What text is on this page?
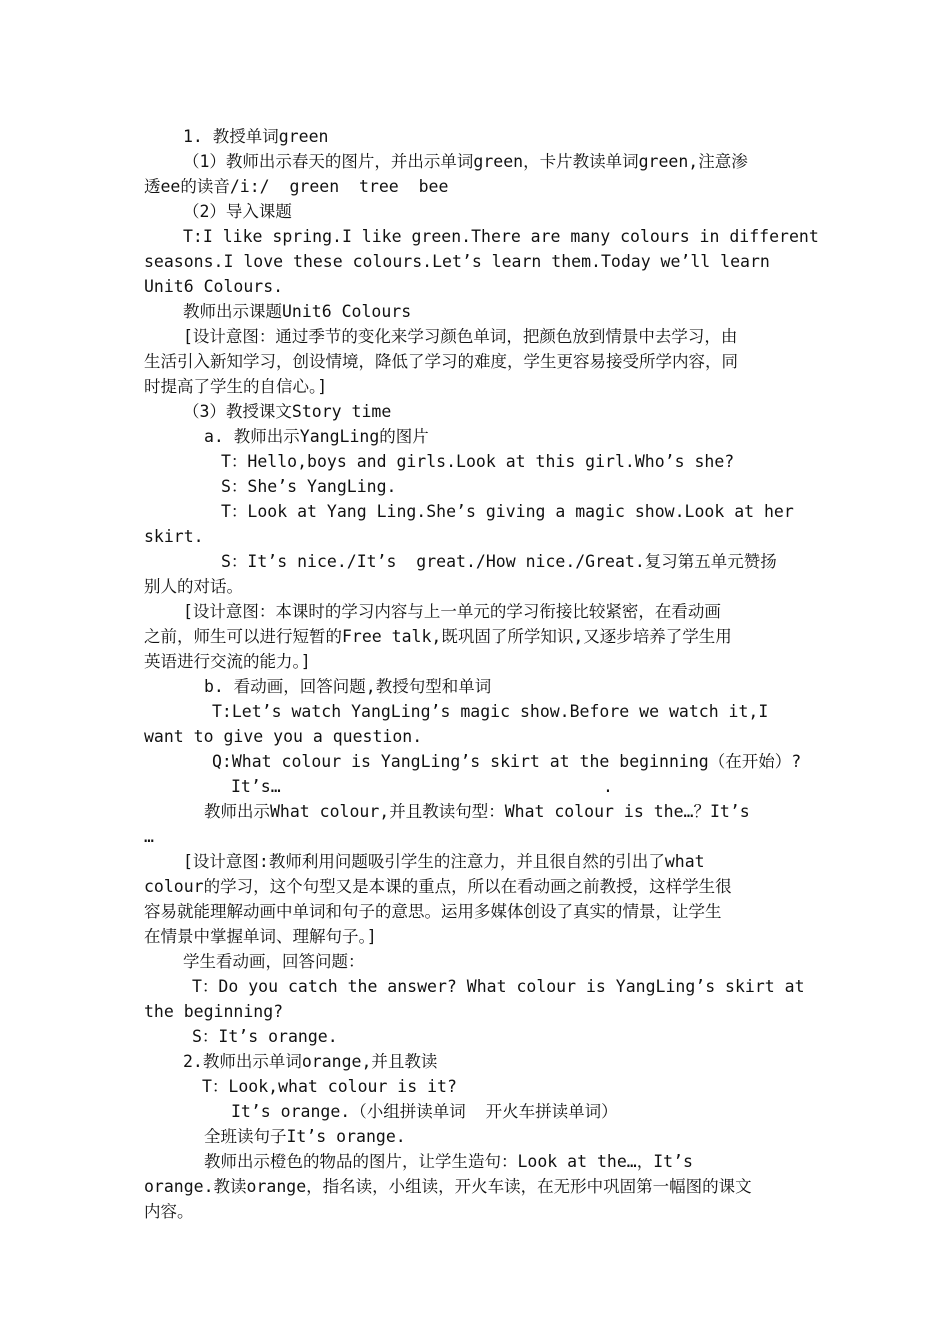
1. 教授单词green
（1）教师出示春天的图片，并出示单词green，卡片教读单词green,注意渗
透ee的读音/i:/  green  tree  bee
（2）导入课题
T:I like spring.I like green.There are many colours in different
seasons.I love these colours.Let’s learn them.Today we’ll learn
Unit6 Colours.
教师出示课题Unit6 Colours
[设计意图：通过季节的变化来学习颜色单词，把颜色放到情景中去学习，由
生活引入新知学习，创设情境，降低了学习的难度，学生更容易接受所学内容，同
时提高了学生的自信心。]
（3）教授课文Story time
a. 教师出示YangLing的图片
T：Hello,boys and girls.Look at this girl.Who’s she?
S：She’s YangLing.
T：Look at Yang Ling.She’s giving a magic show.Look at her
skirt.
S：It’s nice./It’s  great./How nice./Great.复习第五单元赞扬
别人的对话。
[设计意图：本课时的学习内容与上一单元的学习衔接比较紧密，在看动画
之前，师生可以进行短暂的Free talk,既巩固了所学知识,又逐步培养了学生用
英语进行交流的能力。]
b. 看动画，回答问题,教授句型和单词
T:Let’s watch YangLing’s magic show.Before we watch it,I
want to give you a question.
Q:What colour is YangLing’s skirt at the beginning（在开始）?
It’s…	.
教师出示What colour,并且教读句型：What colour is the…？It’s
…
[设计意图:教师利用问题吸引学生的注意力，并且很自然的引出了what
colour的学习，这个句型又是本课的重点，所以在看动画之前教授，这样学生很
容易就能理解动画中单词和句子的意思。运用多媒体创设了真实的情景，让学生
在情景中掌握单词、理解句子。]
学生看动画，回答问题：
T：Do you catch the answer? What colour is YangLing’s skirt at
the beginning?
S：It’s orange.
2.教师出示单词orange,并且教读
T：Look,what colour is it?
It’s orange.（小组拼读单词  开火车拼读单词）
全班读句子It’s orange.
教师出示橙色的物品的图片，让学生造句：Look at the…，It’s
orange.教读orange，指名读，小组读，开火车读，在无形中巩固第一幅图的课文
内容。
